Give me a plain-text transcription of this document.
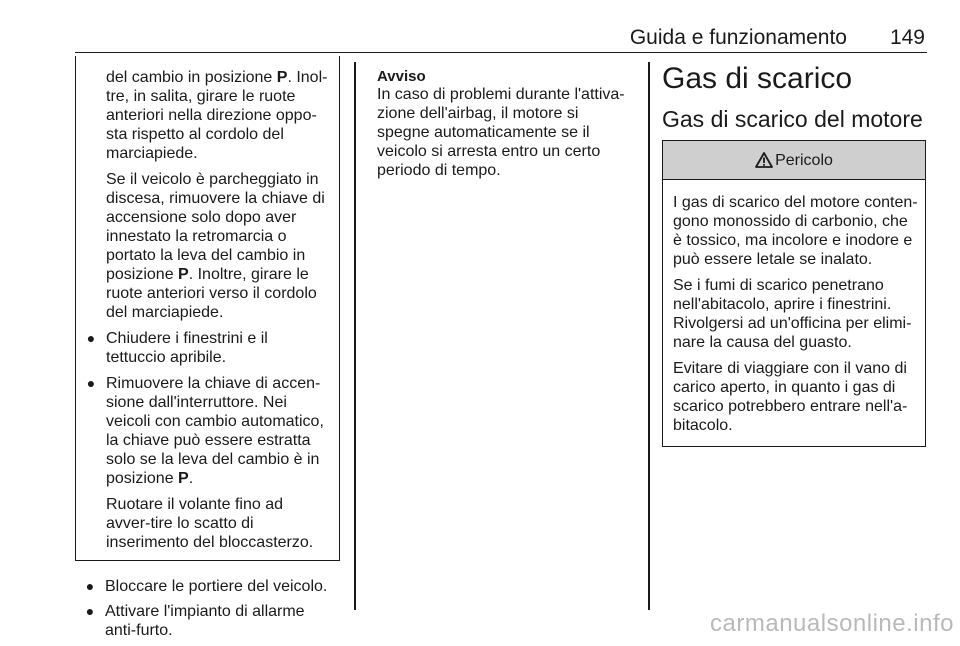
Guida e funzionamento 149

del cambio in posizione P. Inol-tre, in salita, girare le ruote anteriori nella direzione oppo-sta rispetto al cordolo del marciapiede.

Se il veicolo è parcheggiato in discesa, rimuovere la chiave di accensione solo dopo aver innestato la retromarcia o portato la leva del cambio in posizione P. Inoltre, girare le ruote anteriori verso il cordolo del marciapiede.

● Chiudere i finestrini e il tettuccio apribile.
● Rimuovere la chiave di accen-sione dall'interruttore. Nei veicoli con cambio automatico, la chiave può essere estratta solo se la leva del cambio è in posizione P.

Ruotare il volante fino ad avver-tire lo scatto di inserimento del bloccasterzo.

● Bloccare le portiere del veicolo.
● Attivare l'impianto di allarme anti-furto.
Avviso
In caso di problemi durante l'attiva-zione dell'airbag, il motore si spegne automaticamente se il veicolo si arresta entro un certo periodo di tempo.
Gas di scarico
Gas di scarico del motore
Pericolo

I gas di scarico del motore conten-gono monossido di carbonio, che è tossico, ma incolore e inodore e può essere letale se inalato.

Se i fumi di scarico penetrano nell'abitacolo, aprire i finestrini. Rivolgersi ad un'officina per elimi-nare la causa del guasto.

Evitare di viaggiare con il vano di carico aperto, in quanto i gas di scarico potrebbero entrare nell'a-bitacolo.

carmanualsonline.info
